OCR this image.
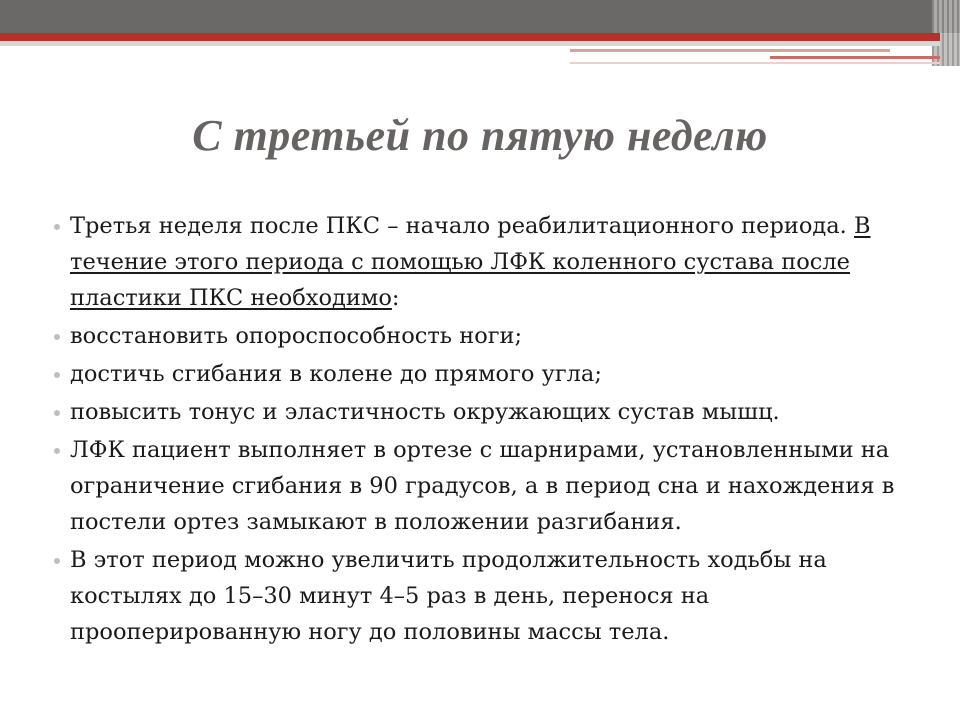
С третьей по пятую неделю
Третья неделя после ПКС – начало реабилитационного периода. В течение этого периода с помощью ЛФК коленного сустава после пластики ПКС необходимо:
восстановить опороспособность ноги;
достичь сгибания в колене до прямого угла;
повысить тонус и эластичность окружающих сустав мышц.
ЛФК пациент выполняет в ортезе с шарнирами, установленными на ограничение сгибания в 90 градусов, а в период сна и нахождения в постели ортез замыкают в положении разгибания.
В этот период можно увеличить продолжительность ходьбы на костылях до 15–30 минут 4–5 раз в день, перенося на прооперированную ногу до половины массы тела.
